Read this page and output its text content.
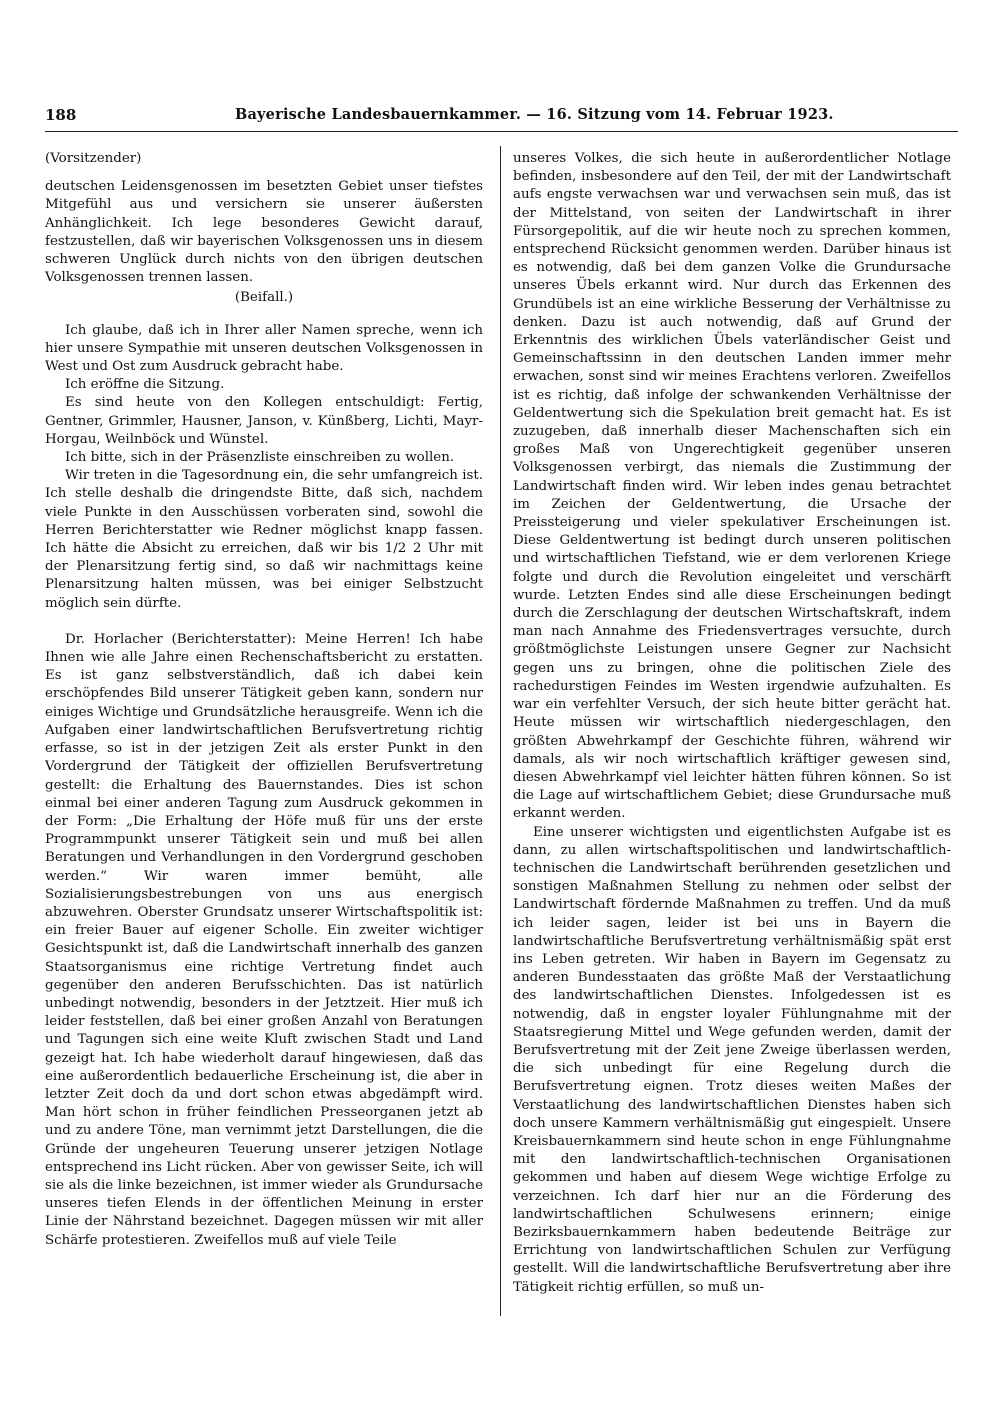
188	Bayerische Landesbauernkammer. — 16. Sitzung vom 14. Februar 1923.

(Vorsitzender)

deutschen Leidensgenossen im besetzten Gebiet unser tiefstes Mitgefühl aus und versichern sie unserer äußersten Anhänglichkeit. Ich lege besonderes Gewicht darauf, festzustellen, daß wir bayerischen Volksgenossen uns in diesem schweren Unglück durch nichts von den übrigen deutschen Volksgenossen trennen lassen.

(Beifall.)

Ich glaube, daß ich in Ihrer aller Namen spreche, wenn ich hier unsere Sympathie mit unseren deutschen Volksgenossen in West und Ost zum Ausdruck gebracht habe.

Ich eröffne die Sitzung.

Es sind heute von den Kollegen entschuldigt: Fertig, Gentner, Grimmler, Hausner, Janson, v. Künßberg, Lichti, Mayr-Horgau, Weilnböck und Wünstel.

Ich bitte, sich in der Präsenzliste einschreiben zu wollen.

Wir treten in die Tagesordnung ein, die sehr umfangreich ist. Ich stelle deshalb die dringendste Bitte, daß sich, nachdem viele Punkte in den Ausschüssen vorberaten sind, sowohl die Herren Berichterstatter wie Redner möglichst knapp fassen. Ich hätte die Absicht zu erreichen, daß wir bis 1/2 2 Uhr mit der Plenarsitzung fertig sind, so daß wir nachmittags keine Plenarsitzung halten müssen, was bei einiger Selbstzucht möglich sein dürfte.

Dr. Horlacher (Berichterstatter): Meine Herren! Ich habe Ihnen wie alle Jahre einen Rechenschaftsbericht zu erstatten. Es ist ganz selbstverständlich, daß ich dabei kein erschöpfendes Bild unserer Tätigkeit geben kann, sondern nur einiges Wichtige und Grundsätzliche herausgreife. Wenn ich die Aufgaben einer landwirtschaftlichen Berufsvertretung richtig erfasse, so ist in der jetzigen Zeit als erster Punkt in den Vordergrund der Tätigkeit der offiziellen Berufsvertretung gestellt: die Erhaltung des Bauernstandes. Dies ist schon einmal bei einer anderen Tagung zum Ausdruck gekommen in der Form: „Die Erhaltung der Höfe muß für uns der erste Programmpunkt unserer Tätigkeit sein und muß bei allen Beratungen und Verhandlungen in den Vordergrund geschoben werden.“ Wir waren immer bemüht, alle Sozialisierungsbestrebungen von uns aus energisch abzuwehren. Oberster Grundsatz unserer Wirtschaftspolitik ist: ein freier Bauer auf eigener Scholle. Ein zweiter wichtiger Gesichtspunkt ist, daß die Landwirtschaft innerhalb des ganzen Staatsorganismus eine richtige Vertretung findet auch gegenüber den anderen Berufsschichten. Das ist natürlich unbedingt notwendig, besonders in der Jetztzeit. Hier muß ich leider feststellen, daß bei einer großen Anzahl von Beratungen und Tagungen sich eine weite Kluft zwischen Stadt und Land gezeigt hat. Ich habe wiederholt darauf hingewiesen, daß das eine außerordentlich bedauerliche Erscheinung ist, die aber in letzter Zeit doch da und dort schon etwas abgedämpft wird. Man hört schon in früher feindlichen Presseorganen jetzt ab und zu andere Töne, man vernimmt jetzt Darstellungen, die die Gründe der ungeheuren Teuerung unserer jetzigen Notlage entsprechend ins Licht rücken. Aber von gewisser Seite, ich will sie als die linke bezeichnen, ist immer wieder als Grundursache unseres tiefen Elends in der öffentlichen Meinung in erster Linie der Nährstand bezeichnet. Dagegen müssen wir mit aller Schärfe protestieren. Zweifellos muß auf viele Teile

unseres Volkes, die sich heute in außerordentlicher Notlage befinden, insbesondere auf den Teil, der mit der Landwirtschaft aufs engste verwachsen war und verwachsen sein muß, das ist der Mittelstand, von seiten der Landwirtschaft in ihrer Fürsorgepolitik, auf die wir heute noch zu sprechen kommen, entsprechend Rücksicht genommen werden. Darüber hinaus ist es notwendig, daß bei dem ganzen Volke die Grundursache unseres Übels erkannt wird. Nur durch das Erkennen des Grundübels ist an eine wirkliche Besserung der Verhältnisse zu denken. Dazu ist auch notwendig, daß auf Grund der Erkenntnis des wirklichen Übels vaterländischer Geist und Gemeinschaftssinn in den deutschen Landen immer mehr erwachen, sonst sind wir meines Erachtens verloren. Zweifellos ist es richtig, daß infolge der schwankenden Verhältnisse der Geldentwertung sich die Spekulation breit gemacht hat. Es ist zuzugeben, daß innerhalb dieser Machenschaften sich ein großes Maß von Ungerechtigkeit gegenüber unseren Volksgenossen verbirgt, das niemals die Zustimmung der Landwirtschaft finden wird. Wir leben indes genau betrachtet im Zeichen der Geldentwertung, die Ursache der Preissteigerung und vieler spekulativer Erscheinungen ist. Diese Geldentwertung ist bedingt durch unseren politischen und wirtschaftlichen Tiefstand, wie er dem verlorenen Kriege folgte und durch die Revolution eingeleitet und verschärft wurde. Letzten Endes sind alle diese Erscheinungen bedingt durch die Zerschlagung der deutschen Wirtschaftskraft, indem man nach Annahme des Friedensvertrages versuchte, durch größtmöglichste Leistungen unsere Gegner zur Nachsicht gegen uns zu bringen, ohne die politischen Ziele des rachedurstigen Feindes im Westen irgendwie aufzuhalten. Es war ein verfehlter Versuch, der sich heute bitter gerächt hat. Heute müssen wir wirtschaftlich niedergeschlagen, den größten Abwehrkampf der Geschichte führen, während wir damals, als wir noch wirtschaftlich kräftiger gewesen sind, diesen Abwehrkampf viel leichter hätten führen können. So ist die Lage auf wirtschaftlichem Gebiet; diese Grundursache muß erkannt werden.

Eine unserer wichtigsten und eigentlichsten Aufgabe ist es dann, zu allen wirtschaftspolitischen und landwirtschaftlich-technischen die Landwirtschaft berührenden gesetzlichen und sonstigen Maßnahmen Stellung zu nehmen oder selbst der Landwirtschaft fördernde Maßnahmen zu treffen. Und da muß ich leider sagen, leider ist bei uns in Bayern die landwirtschaftliche Berufsvertretung verhältnismäßig spät erst ins Leben getreten. Wir haben in Bayern im Gegensatz zu anderen Bundesstaaten das größte Maß der Verstaatlichung des landwirtschaftlichen Dienstes. Infolgedessen ist es notwendig, daß in engster loyaler Fühlungnahme mit der Staatsregierung Mittel und Wege gefunden werden, damit der Berufsvertretung mit der Zeit jene Zweige überlassen werden, die sich unbedingt für eine Regelung durch die Berufsvertretung eignen. Trotz dieses weiten Maßes der Verstaatlichung des landwirtschaftlichen Dienstes haben sich doch unsere Kammern verhältnismäßig gut eingespielt. Unsere Kreisbauernkammern sind heute schon in enge Fühlungnahme mit den landwirtschaftlich-technischen Organisationen gekommen und haben auf diesem Wege wichtige Erfolge zu verzeichnen. Ich darf hier nur an die Förderung des landwirtschaftlichen Schulwesens erinnern; einige Bezirksbauernkammern haben bedeutende Beiträge zur Errichtung von landwirtschaftlichen Schulen zur Verfügung gestellt. Will die landwirtschaftliche Berufsvertretung aber ihre Tätigkeit richtig erfüllen, so muß un-
